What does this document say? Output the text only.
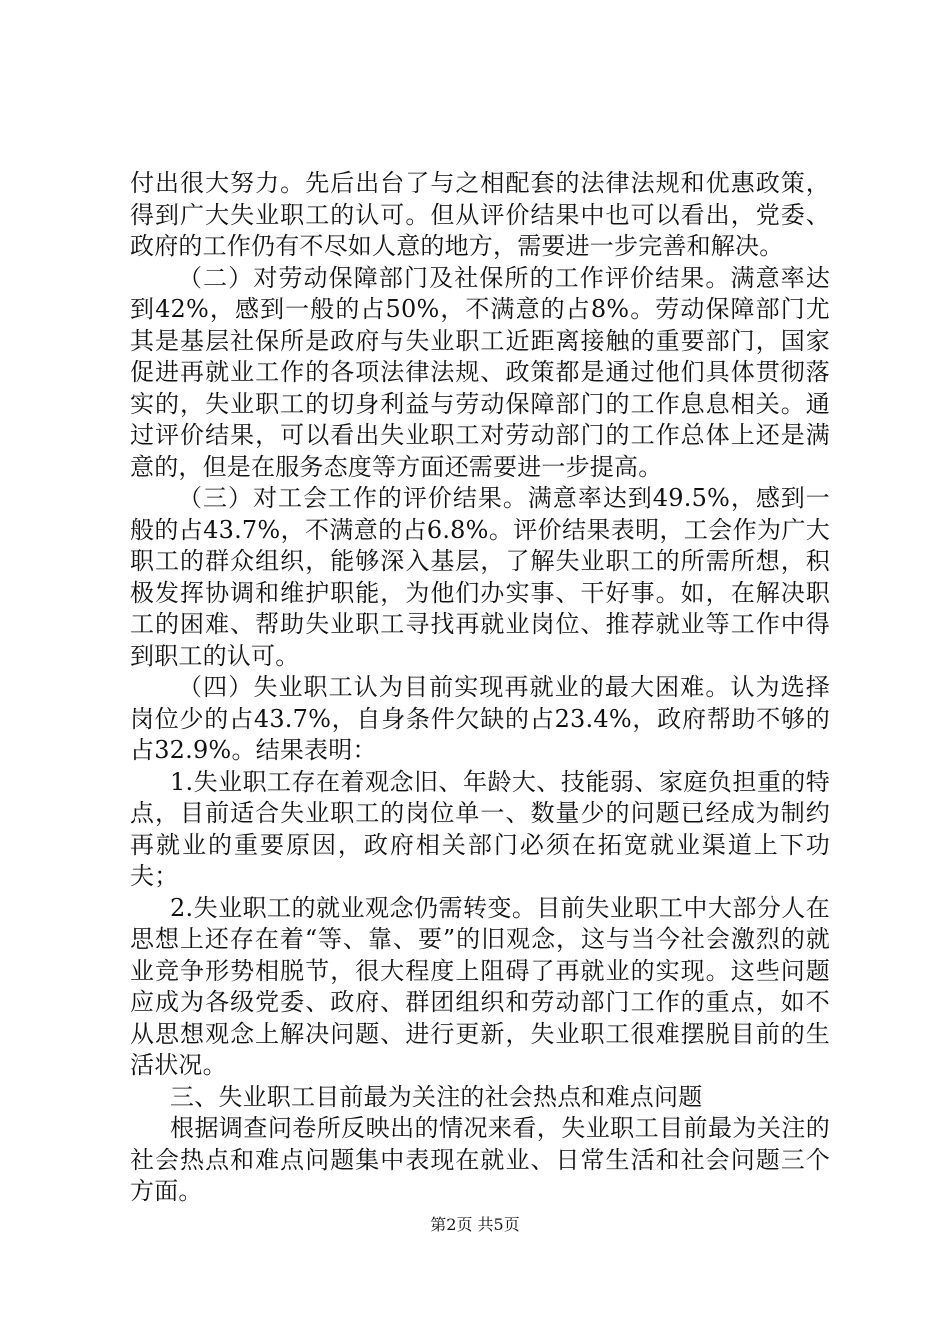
付出很大努力。先后出台了与之相配套的法律法规和优惠政策，得到广大失业职工的认可。但从评价结果中也可以看出，党委、政府的工作仍有不尽如人意的地方，需要进一步完善和解决。

（二）对劳动保障部门及社保所的工作评价结果。满意率达到42%，感到一般的占50%，不满意的占8%。劳动保障部门尤其是基层社保所是政府与失业职工近距离接触的重要部门，国家促进再就业工作的各项法律法规、政策都是通过他们具体贯彻落实的，失业职工的切身利益与劳动保障部门的工作息息相关。通过评价结果，可以看出失业职工对劳动部门的工作总体上还是满意的，但是在服务态度等方面还需要进一步提高。

（三）对工会工作的评价结果。满意率达到49.5%，感到一般的占43.7%，不满意的占6.8%。评价结果表明，工会作为广大职工的群众组织，能够深入基层，了解失业职工的所需所想，积极发挥协调和维护职能，为他们办实事、干好事。如，在解决职工的困难、帮助失业职工寻找再就业岗位、推荐就业等工作中得到职工的认可。

（四）失业职工认为目前实现再就业的最大困难。认为选择岗位少的占43.7%，自身条件欠缺的占23.4%，政府帮助不够的占32.9%。结果表明：

1.失业职工存在着观念旧、年龄大、技能弱、家庭负担重的特点，目前适合失业职工的岗位单一、数量少的问题已经成为制约再就业的重要原因，政府相关部门必须在拓宽就业渠道上下功夫；

2.失业职工的就业观念仍需转变。目前失业职工中大部分人在思想上还存在着“等、靠、要”的旧观念，这与当今社会激烈的就业竞争形势相脱节，很大程度上阻碍了再就业的实现。这些问题应成为各级党委、政府、群团组织和劳动部门工作的重点，如不从思想观念上解决问题、进行更新，失业职工很难摆脱目前的生活状况。

三、失业职工目前最为关注的社会热点和难点问题

根据调查问卷所反映出的情况来看，失业职工目前最为关注的社会热点和难点问题集中表现在就业、日常生活和社会问题三个方面。

第2页 共5页
